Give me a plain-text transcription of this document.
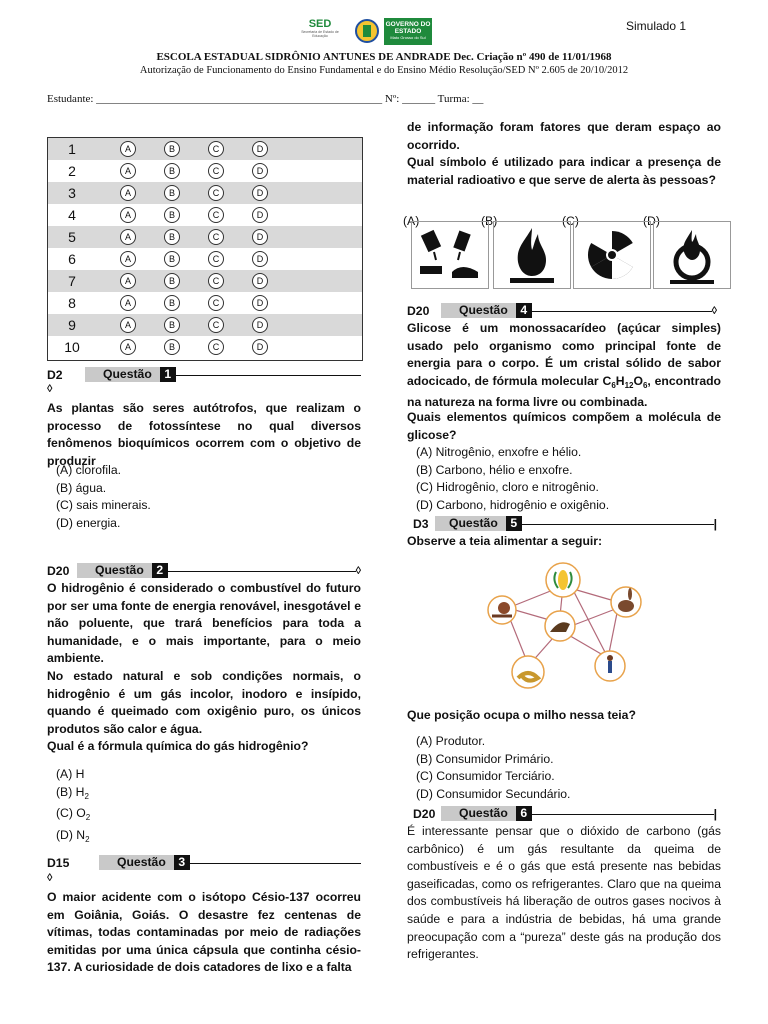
SED
Secretaria de Estado de Educação
GOVERNO DO ESTADO
Mato Grosso do Sul
Simulado 1
ESCOLA ESTADUAL SIDRÔNIO ANTUNES DE ANDRADE Dec. Criação nº 490 de 11/01/1968
Autorização de Funcionamento do Ensino Fundamental e do Ensino Médio Resolução/SED Nº 2.605 de 20/10/2012
Estudante: ____________________________________________________ Nº: ______ Turma: __
1	A	B	C	D
2	A	B	C	D
3	A	B	C	D
4	A	B	C	D
5	A	B	C	D
6	A	B	C	D
7	A	B	C	D
8	A	B	C	D
9	A	B	C	D
10	A	B	C	D
D2	Questão	1
◊
As plantas são seres autótrofos, que realizam o processo de fotossíntese no qual diversos fenômenos bioquímicos ocorrem com o objetivo de produzir
(A) clorofila.
(B) água.
(C) sais minerais.
(D) energia.
D20	Questão	2	◊
O hidrogênio é considerado o combustível do futuro por ser uma fonte de energia renovável, inesgotável e não poluente, que trará benefícios para toda a humanidade, e o mais importante, para o meio ambiente.
No estado natural e sob condições normais, o hidrogênio é um gás incolor, inodoro e insípido, quando é queimado com oxigênio puro, os únicos produtos são calor e água.
Qual é a fórmula química do gás hidrogênio?
(A) H
(B) $H_2$
(C) $O_2$
(D) $N_2$
D15	Questão	3
◊
O maior acidente com o isótopo Césio-137 ocorreu em Goiânia, Goiás. O desastre fez centenas de vítimas, todas contaminadas por meio de radiações emitidas por uma única cápsula que continha césio-137. A curiosidade de dois catadores de lixo e a falta
de informação foram fatores que deram espaço ao ocorrido.
Qual símbolo é utilizado para indicar a presença de material radioativo e que serve de alerta às pessoas?
(A)	(B)	(C)	(D)
D20	Questão	4	◊
Glicose é um monossacarídeo (açúcar simples) usado pelo organismo como principal fonte de energia para o corpo. É um cristal sólido de sabor adocicado, de fórmula molecular $C_6H_{12}O_6$, encontrado na natureza na forma livre ou combinada.
Quais elementos químicos compõem a molécula de glicose?
(A) Nitrogênio, enxofre e hélio.
(B) Carbono, hélio e enxofre.
(C) Hidrogênio, cloro e nitrogênio.
(D) Carbono, hidrogênio e oxigênio.
D3	Questão	5	|
Observe a teia alimentar a seguir:
Que posição ocupa o milho nessa teia?
(A) Produtor.
(B) Consumidor Primário.
(C) Consumidor Terciário.
(D) Consumidor Secundário.
D20	Questão	6	|
É interessante pensar que o dióxido de carbono (gás carbônico) é um gás resultante da queima de combustíveis e é o gás que está presente nas bebidas gaseificadas, como os refrigerantes. Claro que na queima dos combustíveis há liberação de outros gases nocivos à saúde e para a indústria de bebidas, há uma grande preocupação com a “pureza” deste gás na produção dos refrigerantes.
